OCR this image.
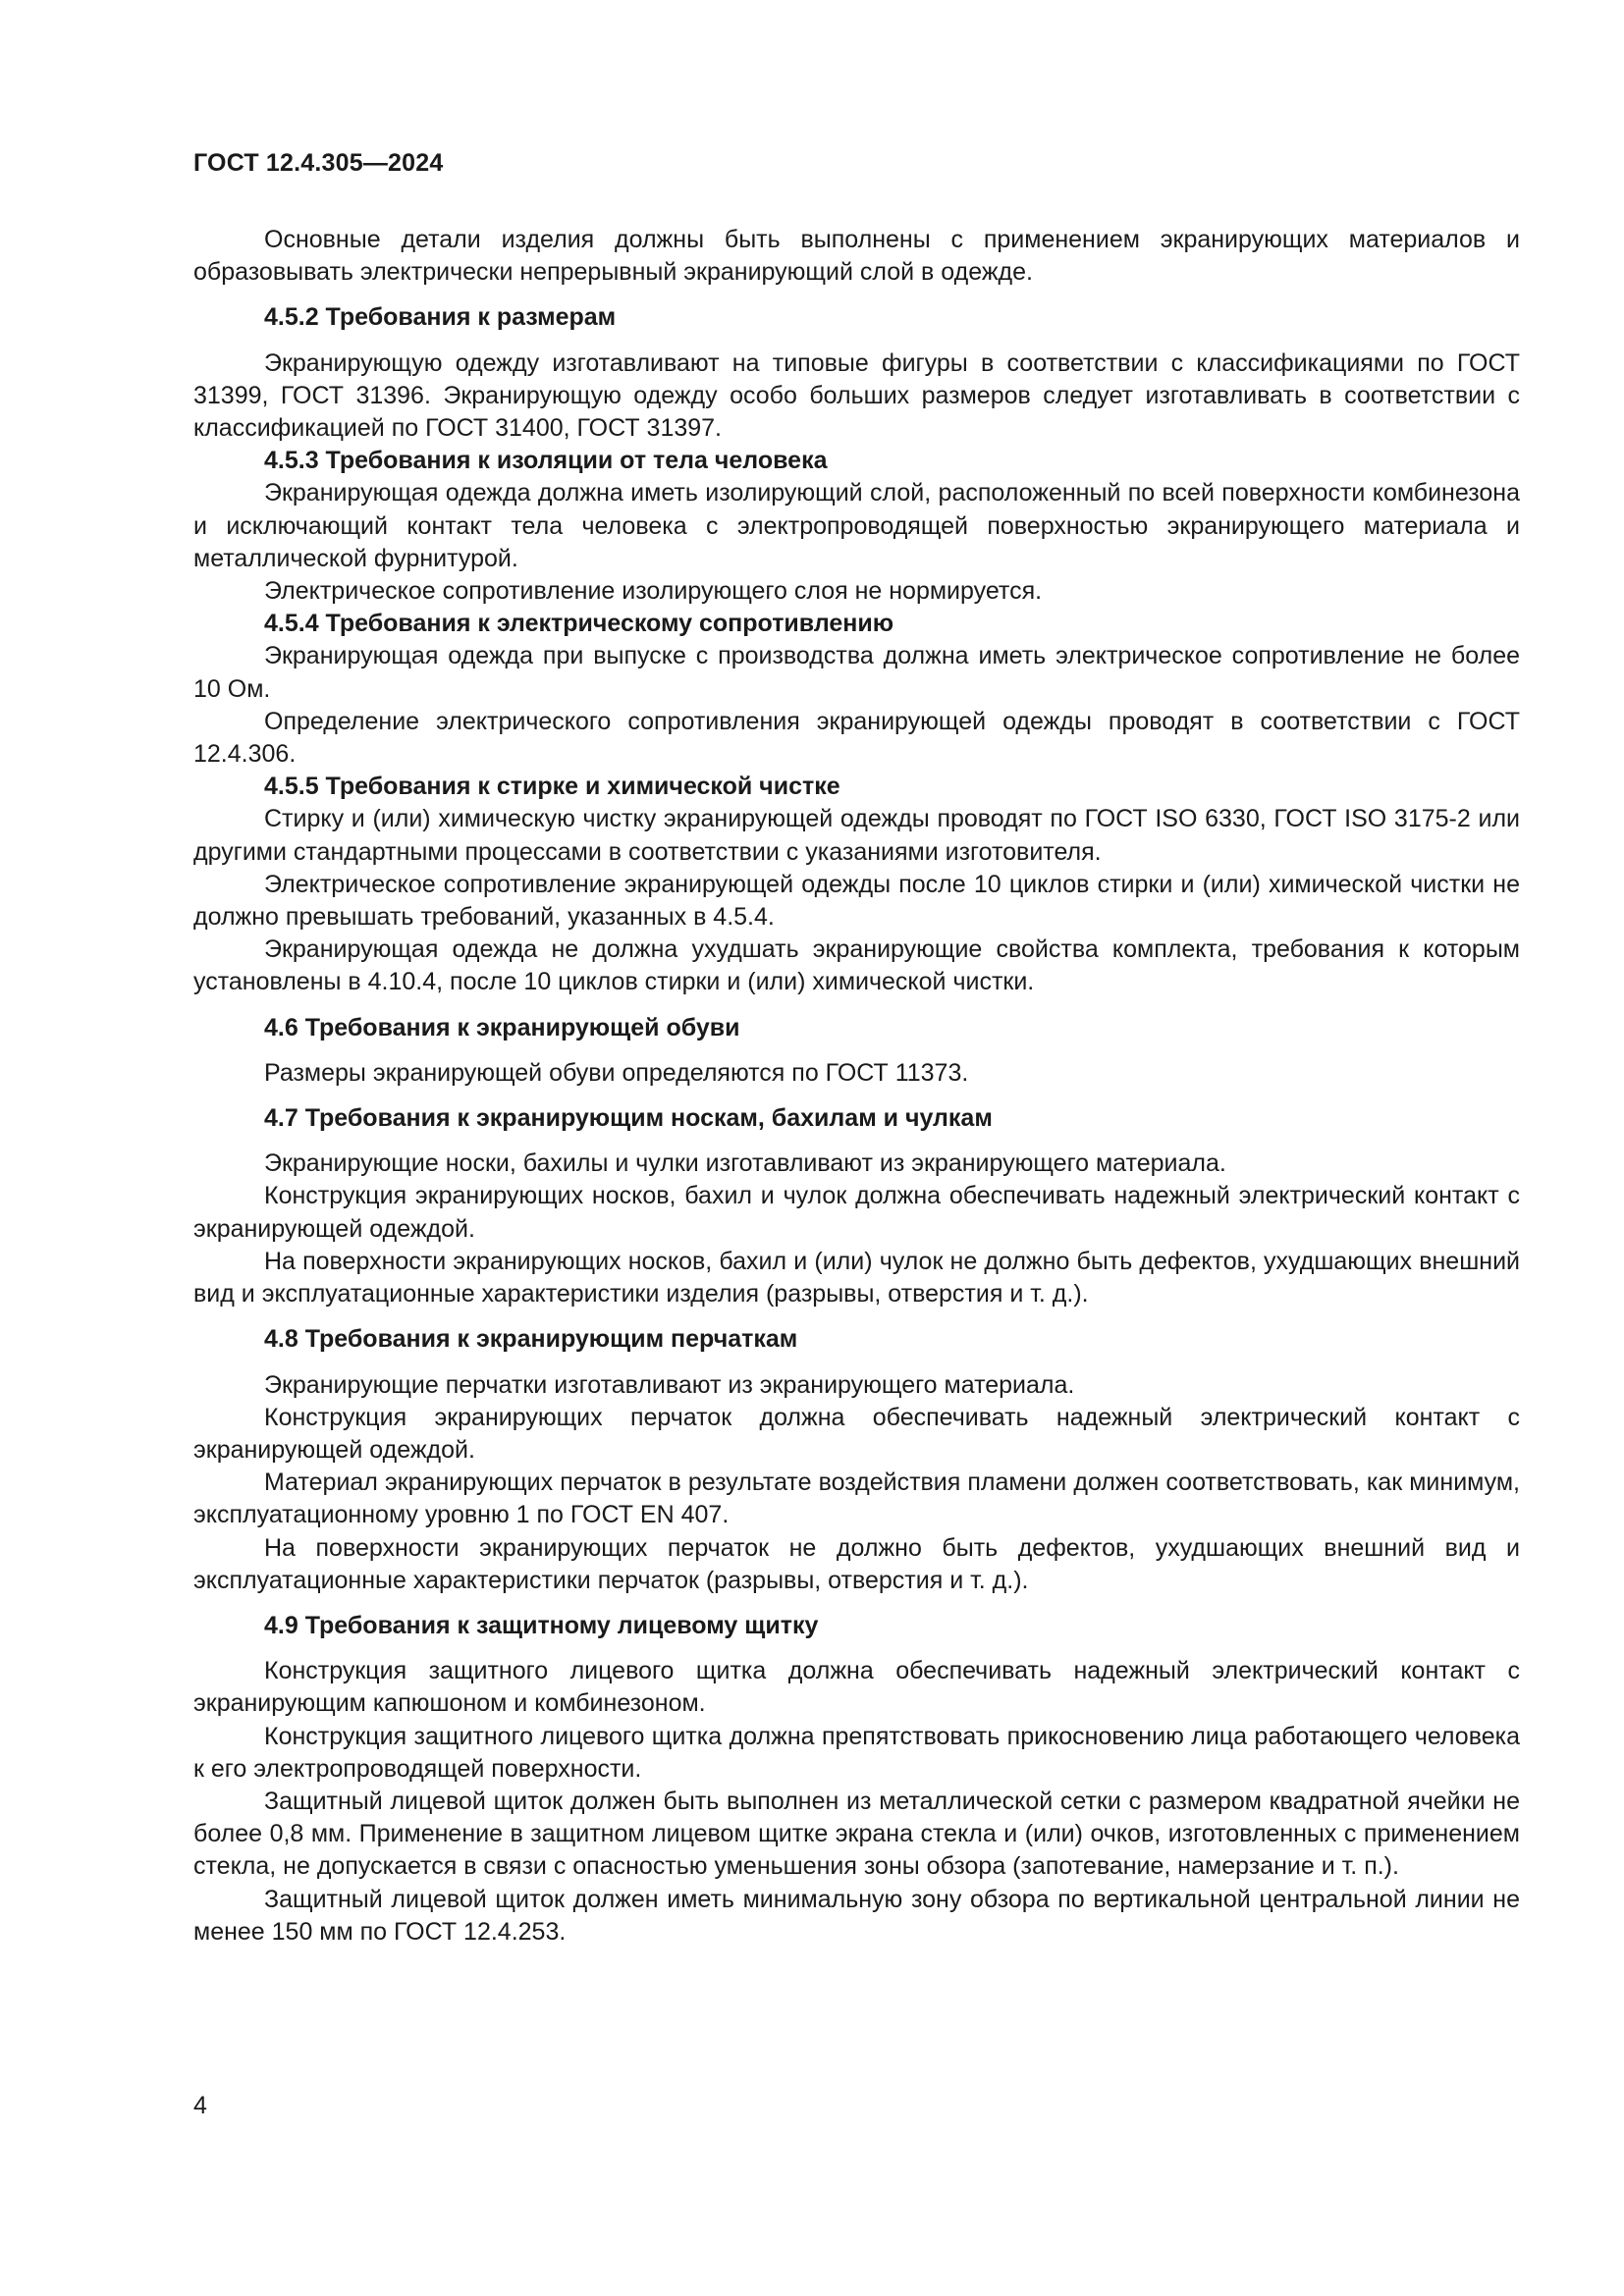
ГОСТ 12.4.305—2024

Основные детали изделия должны быть выполнены с применением экранирующих материалов и образовывать электрически непрерывный экранирующий слой в одежде.

4.5.2 Требования к размерам

Экранирующую одежду изготавливают на типовые фигуры в соответствии с классификациями по ГОСТ 31399, ГОСТ 31396. Экранирующую одежду особо больших размеров следует изготавливать в соответствии с классификацией по ГОСТ 31400, ГОСТ 31397.

4.5.3 Требования к изоляции от тела человека

Экранирующая одежда должна иметь изолирующий слой, расположенный по всей поверхности комбинезона и исключающий контакт тела человека с электропроводящей поверхностью экранирующего материала и металлической фурнитурой.

Электрическое сопротивление изолирующего слоя не нормируется.

4.5.4 Требования к электрическому сопротивлению

Экранирующая одежда при выпуске с производства должна иметь электрическое сопротивление не более 10 Ом.

Определение электрического сопротивления экранирующей одежды проводят в соответствии с ГОСТ 12.4.306.

4.5.5 Требования к стирке и химической чистке

Стирку и (или) химическую чистку экранирующей одежды проводят по ГОСТ ISO 6330, ГОСТ ISO 3175-2 или другими стандартными процессами в соответствии с указаниями изготовителя.

Электрическое сопротивление экранирующей одежды после 10 циклов стирки и (или) химической чистки не должно превышать требований, указанных в 4.5.4.

Экранирующая одежда не должна ухудшать экранирующие свойства комплекта, требования к которым установлены в 4.10.4, после 10 циклов стирки и (или) химической чистки.

4.6 Требования к экранирующей обуви

Размеры экранирующей обуви определяются по ГОСТ 11373.

4.7 Требования к экранирующим носкам, бахилам и чулкам

Экранирующие носки, бахилы и чулки изготавливают из экранирующего материала.

Конструкция экранирующих носков, бахил и чулок должна обеспечивать надежный электрический контакт с экранирующей одеждой.

На поверхности экранирующих носков, бахил и (или) чулок не должно быть дефектов, ухудшающих внешний вид и эксплуатационные характеристики изделия (разрывы, отверстия и т. д.).

4.8 Требования к экранирующим перчаткам

Экранирующие перчатки изготавливают из экранирующего материала.

Конструкция экранирующих перчаток должна обеспечивать надежный электрический контакт с экранирующей одеждой.

Материал экранирующих перчаток в результате воздействия пламени должен соответствовать, как минимум, эксплуатационному уровню 1 по ГОСТ EN 407.

На поверхности экранирующих перчаток не должно быть дефектов, ухудшающих внешний вид и эксплуатационные характеристики перчаток (разрывы, отверстия и т. д.).

4.9 Требования к защитному лицевому щитку

Конструкция защитного лицевого щитка должна обеспечивать надежный электрический контакт с экранирующим капюшоном и комбинезоном.

Конструкция защитного лицевого щитка должна препятствовать прикосновению лица работающего человека к его электропроводящей поверхности.

Защитный лицевой щиток должен быть выполнен из металлической сетки с размером квадратной ячейки не более 0,8 мм. Применение в защитном лицевом щитке экрана стекла и (или) очков, изготовленных с применением стекла, не допускается в связи с опасностью уменьшения зоны обзора (запотевание, намерзание и т. п.).

Защитный лицевой щиток должен иметь минимальную зону обзора по вертикальной центральной линии не менее 150 мм по ГОСТ 12.4.253.

4
